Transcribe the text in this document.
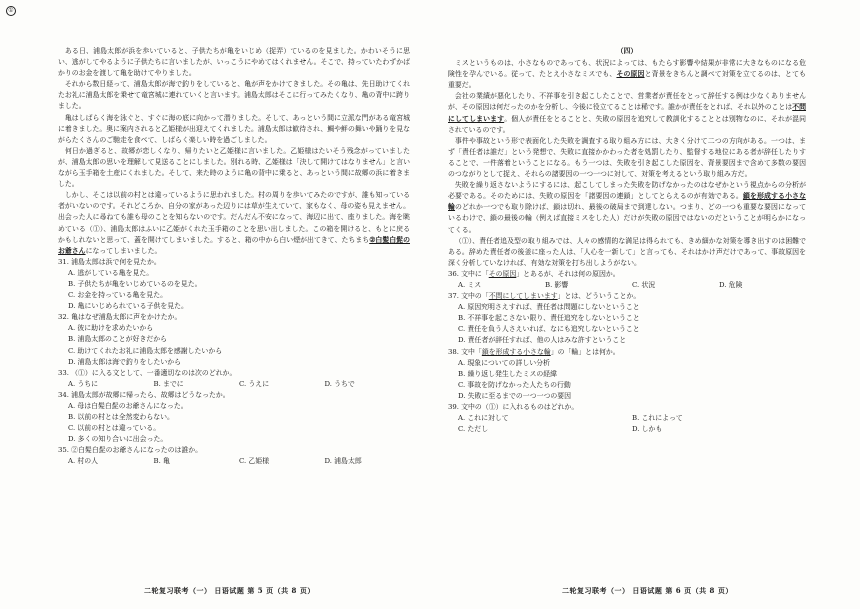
①

ある日、浦島太郎が浜を歩いていると、子供たちが亀をいじめ（捉弄）ているのを見ました。かわいそうに思い、逃がしてやるように子供たちに言いましたが、いっこうにやめてはくれません。そこで、持っていたわずかばかりのお金を渡して亀を助けてやりました。

それから数日経って、浦島太郎が海で釣りをしていると、亀が声をかけてきました。その亀は、先日助けてくれたお礼に浦島太郎を乗せて竜宮城に連れていくと言います。浦島太郎はそこに行ってみたくなり、亀の背中に跨りました。

亀はしばらく海を泳ぐと、すぐに海の底に向かって潜りました。そして、あっという間に立派な門がある竜宮城に着きました。奥に案内されると乙姫様が出迎えてくれました。浦島太郎は歓待され、鯛や鮃の舞いや踊りを見ながらたくさんのご馳走を食べて、しばらく楽しい時を過ごしました。

何日か過ぎると、故郷が恋しくなり、帰りたいと乙姫様に言いました。乙姫様はたいそう残念がっていましたが、浦島太郎の思いを理解して見送ることにしました。別れる時、乙姫様は「決して開けてはなりません」と言いながら玉手箱を土産にくれました。そして、来た時のように亀の背中に乗ると、あっという間に故郷の浜に着きました。

しかし、そこは以前の村とは違っているように思われました。村の周りを歩いてみたのですが、誰も知っている者がいないのです。それどころか、自分の家があった辺りには草が生えていて、家もなく、母の姿も見えません。出会った人に尋ねても誰も母のことを知らないのです。だんだん不安になって、海辺に出て、座りました。海を眺めている（①）、浦島太郎はふいに乙姫がくれた玉手箱のことを思い出しました。この箱を開けると、もとに戻るかもしれないと思って、蓋を開けてしまいました。すると、箱の中から白い煙が出てきて、たちまち②白髪白髭のお爺さんになってしまいました。

31. 浦島太郎は浜で何を見たか。

A. 逃がしている亀を見た。

B. 子供たちが亀をいじめているのを見た。

C. お金を持っている亀を見た。

D. 亀にいじめられている子供を見た。

32. 亀はなぜ浦島太郎に声をかけたか。

A. 彼に助けを求めたいから

B. 浦島太郎のことが好きだから

C. 助けてくれたお礼に浦島太郎を感謝したいから

D. 浦島太郎は海で釣りをしたいから

33. （①）に入る文として、一番適切なのは次のどれか。

A. うちに	B. までに	C. うえに	D. うちで

34. 浦島太郎が故郷に帰ったら、故郷はどうなったか。

A. 母は白髪白髭のお爺さんになった。

B. 以前の村とは全然変わらない。

C. 以前の村とは違っている。

D. 多くの知り合いに出会った。

35. ②白髪白髭のお爺さんになったのは誰か。

A. 村の人	B. 亀	C. 乙姫様	D. 浦島太郎

（四）

ミスというものは、小さなものであっても、状況によっては、もたらす影響や結果が非常に大きなものになる危険性を孕んでいる。従って、たとえ小さなミスでも、その原因と背景をきちんと調べて対策を立てるのは、とても重要だ。

会社の業績が悪化したり、不祥事を引き起こしたことで、営業者が責任をとって辞任する例は少なくありませんが、その原因は何だったのかを分析し、今後に役立てることは稀です。誰かが責任をとれば、それ以外のことは不問にしてしまいます。個人が責任をとることと、失敗の原因を追究して教訓化することとは別物なのに、それが混同されているのです。

事件や事故という形で表面化した失敗を調査する取り組み方には、大きく分けて二つの方向がある。一つは、まず「責任者は誰だ」という発想で、失敗に直接かかわった者を処罰したり、監督する地位にある者が辞任したりすることで、一件落着ということになる。もう一つは、失敗を引き起こした原因を、背景要因まで含めて多数の要因のつながりとして捉え、それらの諸要因の一つ一つに対して、対策を考えるという取り組み方だ。

失敗を繰り返さないようにするには、起こしてしまった失敗を防げなかったのはなぜかという視点からの分析が必要である。そのためには、失敗の原因を「諸要因の連鎖」としてとらえるのが有効である。鎖を形成する小さな輪のどれか一つでも取り除けば、鎖は切れ、最後の破局まで到達しない。つまり、どの一つも重要な要因になっているわけで、鎖の最後の輪（例えば直接ミスをした人）だけが失敗の原因ではないのだということが明らかになってくる。

（①）、責任者追及型の取り組みでは、人々の感情的な満足は得られても、きめ細かな対策を導き出すのは困難である。辞めた責任者の後釜に座った人は、「人心を一新して」と言っても、それはかけ声だけであって、事故原因を深く分析していなければ、有効な対策を打ち出しようがない。

36. 文中に「その原因」とあるが、それは何の原因か。

A. ミス	B. 影響	C. 状況	D. 危険

37. 文中の「不問にしてしまいます」とは、どういうことか。

A. 原因究明さえすれば、責任者は問題にしないということ

B. 不祥事を起こさない限り、責任追究をしないということ

C. 責任を負う人さえいれば、なにも追究しないということ

D. 責任者が辞任すれば、他の人はみな許すということ

38. 文中「鎖を形成する小さな輪」の「輪」とは何か。

A. 現象についての詳しい分析

B. 繰り返し発生したミスの経緯

C. 事故を防げなかった人たちの行動

D. 失敗に至るまでの一つ一つの要因

39. 文中の（①）に入れるものはどれか。

A. これに対して	B. これによって
C. ただし	D. しかも
二轮复习联考（一） 日语试题 第 5 页（共 8 页）	二轮复习联考（一） 日语试题 第 6 页（共 8 页）
